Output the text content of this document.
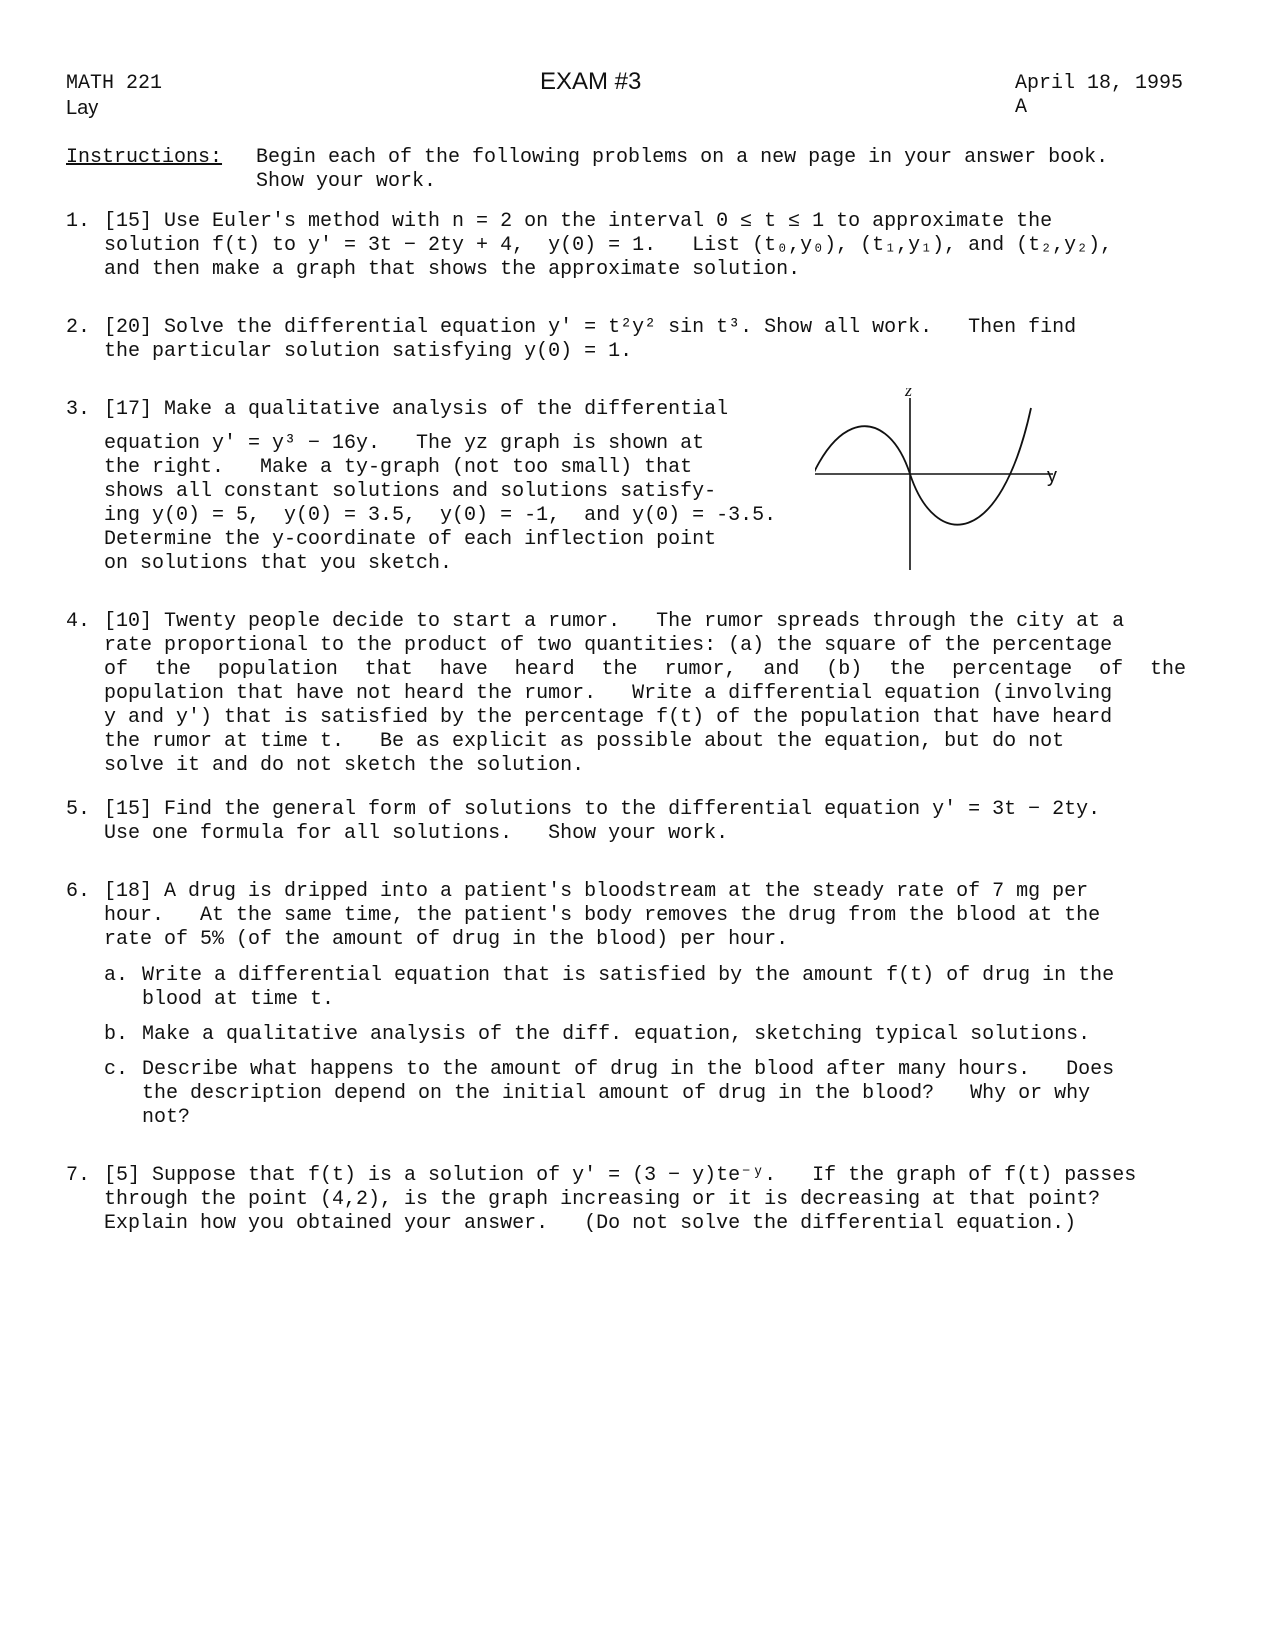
MATH 221
Lay
EXAM #3	April 18, 1995
A
Instructions: Begin each of the following problems on a new page in your answer book.
Show your work.
1. [15] Use Euler's method with n = 2 on the interval 0 ≤ t ≤ 1 to approximate the
solution f(t) to y′ = 3t − 2ty + 4,  y(0) = 1.   List (t₀,y₀), (t₁,y₁), and (t₂,y₂),
and then make a graph that shows the approximate solution.
2. [20] Solve the differential equation y′ = t²y² sin t³. Show all work.   Then find
the particular solution satisfying y(0) = 1.
3. [17] Make a qualitative analysis of the differential
equation y′ = y³ − 16y.   The yz graph is shown at
the right.   Make a ty-graph (not too small) that
shows all constant solutions and solutions satisfy-
ing y(0) = 5,  y(0) = 3.5,  y(0) = -1,  and y(0) = -3.5.
Determine the y-coordinate of each inflection point
on solutions that you sketch.
z
y
4. [10] Twenty people decide to start a rumor.   The rumor spreads through the city at a
rate proportional to the product of two quantities: (a) the square of the percentage
of the population that have heard the rumor, and (b) the percentage of the
population that have not heard the rumor.   Write a differential equation (involving
y and y′) that is satisfied by the percentage f(t) of the population that have heard
the rumor at time t.   Be as explicit as possible about the equation, but do not
solve it and do not sketch the solution.
5. [15] Find the general form of solutions to the differential equation y′ = 3t − 2ty.
Use one formula for all solutions.   Show your work.
6. [18] A drug is dripped into a patient's bloodstream at the steady rate of 7 mg per
hour.   At the same time, the patient's body removes the drug from the blood at the
rate of 5% (of the amount of drug in the blood) per hour.
a. Write a differential equation that is satisfied by the amount f(t) of drug in the
blood at time t.
b. Make a qualitative analysis of the diff. equation, sketching typical solutions.
c. Describe what happens to the amount of drug in the blood after many hours.   Does
the description depend on the initial amount of drug in the blood?   Why or why
not?
7. [5] Suppose that f(t) is a solution of y′ = (3 − y)te⁻ʸ.   If the graph of f(t) passes
through the point (4,2), is the graph increasing or it is decreasing at that point?
Explain how you obtained your answer.   (Do not solve the differential equation.)
